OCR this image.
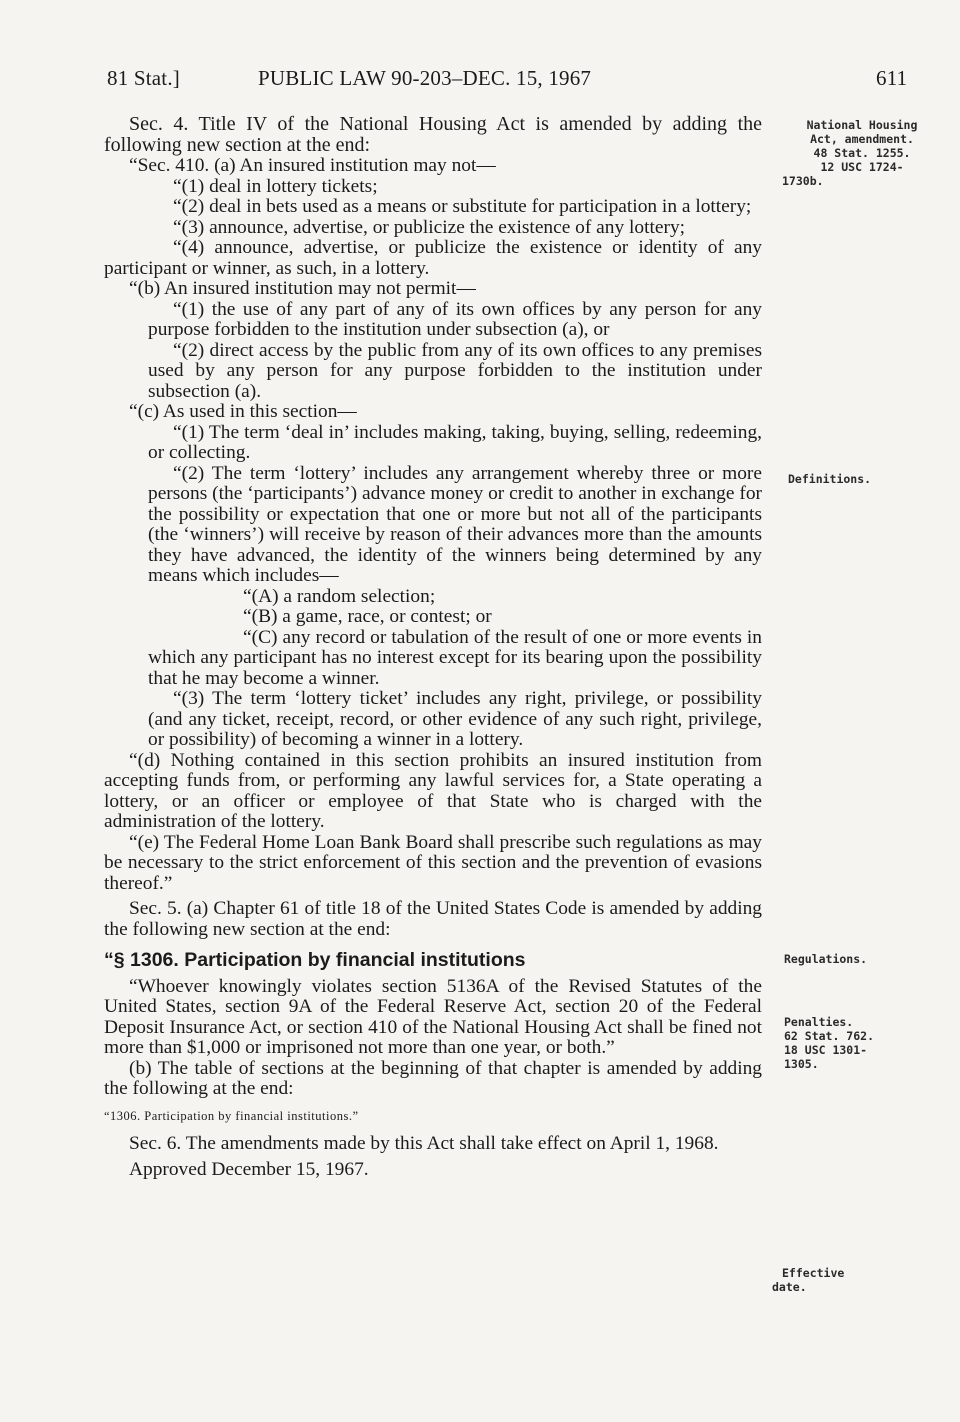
81 Stat.]	PUBLIC LAW 90-203–DEC. 15, 1967	611

Sec. 4. Title IV of the National Housing Act is amended by adding the following new section at the end:

“Sec. 410. (a) An insured institution may not—

“(1) deal in lottery tickets;

“(2) deal in bets used as a means or substitute for participation in a lottery;

“(3) announce, advertise, or publicize the existence of any lottery;

“(4) announce, advertise, or publicize the existence or identity of any participant or winner, as such, in a lottery.

“(b) An insured institution may not permit—

“(1) the use of any part of any of its own offices by any person for any purpose forbidden to the institution under subsection (a), or

“(2) direct access by the public from any of its own offices to any premises used by any person for any purpose forbidden to the institution under subsection (a).

“(c) As used in this section—

“(1) The term ‘deal in’ includes making, taking, buying, selling, redeeming, or collecting.

“(2) The term ‘lottery’ includes any arrangement whereby three or more persons (the ‘participants’) advance money or credit to another in exchange for the possibility or expectation that one or more but not all of the participants (the ‘winners’) will receive by reason of their advances more than the amounts they have advanced, the identity of the winners being determined by any means which includes—

“(A) a random selection;

“(B) a game, race, or contest; or

“(C) any record or tabulation of the result of one or more events in which any participant has no interest except for its bearing upon the possibility that he may become a winner.

“(3) The term ‘lottery ticket’ includes any right, privilege, or possibility (and any ticket, receipt, record, or other evidence of any such right, privilege, or possibility) of becoming a winner in a lottery.

“(d) Nothing contained in this section prohibits an insured institution from accepting funds from, or performing any lawful services for, a State operating a lottery, or an officer or employee of that State who is charged with the administration of the lottery.

“(e) The Federal Home Loan Bank Board shall prescribe such regulations as may be necessary to the strict enforcement of this section and the prevention of evasions thereof.”

Sec. 5. (a) Chapter 61 of title 18 of the United States Code is amended by adding the following new section at the end:

“§ 1306. Participation by financial institutions

“Whoever knowingly violates section 5136A of the Revised Statutes of the United States, section 9A of the Federal Reserve Act, section 20 of the Federal Deposit Insurance Act, or section 410 of the National Housing Act shall be fined not more than $1,000 or imprisoned not more than one year, or both.”

(b) The table of sections at the beginning of that chapter is amended by adding the following at the end:

“1306. Participation by financial institutions.”

Sec. 6. The amendments made by this Act shall take effect on April 1, 1968.

Approved December 15, 1967.

National Housing
Act, amendment.
48 Stat. 1255.
12 USC 1724-
1730b.
Definitions.
Regulations.
Penalties.
62 Stat. 762.
18 USC 1301-
1305.
Effective
date.
